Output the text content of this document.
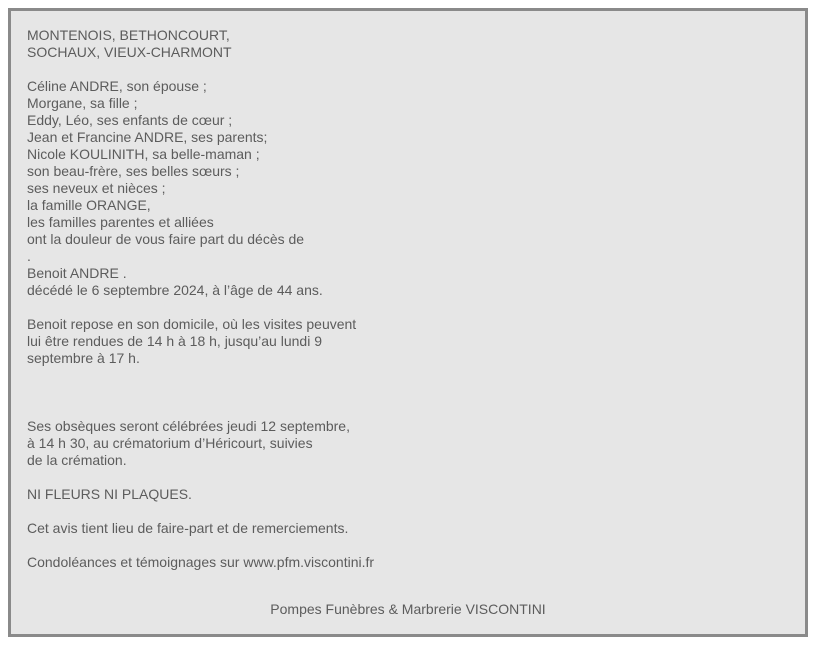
MONTENOIS, BETHONCOURT,
SOCHAUX, VIEUX-CHARMONT
Céline ANDRE, son épouse ;
Morgane, sa fille ;
Eddy, Léo, ses enfants de cœur ;
Jean et Francine ANDRE, ses parents;
Nicole KOULINITH, sa belle-maman ;
son beau-frère, ses belles sœurs ;
ses neveux et nièces ;
la famille ORANGE,
les familles parentes et alliées
ont la douleur de vous faire part du décès de
.
Benoit ANDRE .
décédé le 6 septembre 2024, à l’âge de 44 ans.
Benoit repose en son domicile, où les visites peuvent
lui être rendues de 14 h à 18 h, jusqu’au lundi 9
septembre à 17 h.
Ses obsèques seront célébrées jeudi 12 septembre,
à 14 h 30, au crématorium d’Héricourt, suivies
de la crémation.
NI FLEURS NI PLAQUES.
Cet avis tient lieu de faire-part et de remerciements.
Condoléances et témoignages sur www.pfm.viscontini.fr
Pompes Funèbres & Marbrerie VISCONTINI
